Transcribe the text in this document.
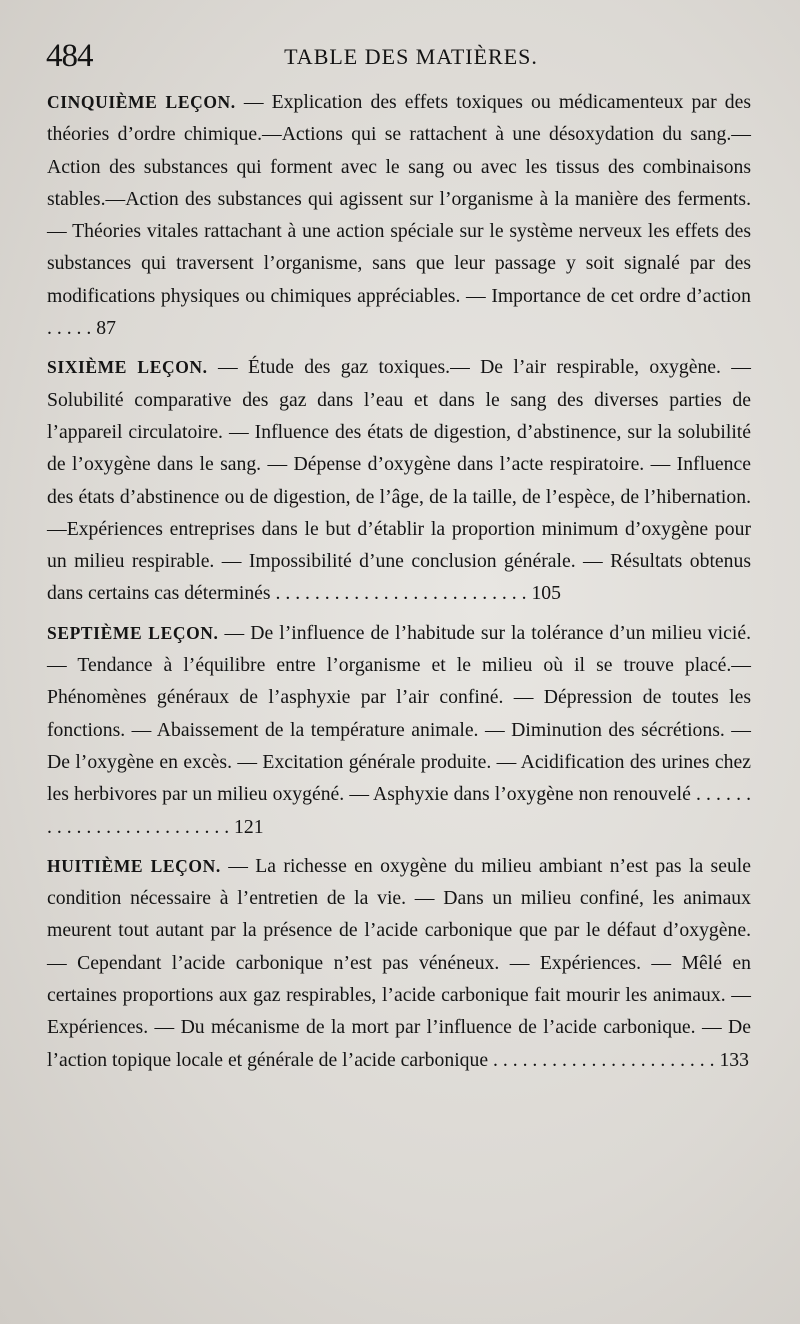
484	TABLE DES MATIÈRES.

CINQUIÈME LEÇON. — Explication des effets toxiques ou médicamenteux par des théories d’ordre chimique.—Actions qui se rattachent à une désoxydation du sang.—Action des substances qui forment avec le sang ou avec les tissus des combinaisons stables.—Action des substances qui agissent sur l’organisme à la manière des ferments. — Théories vitales rattachant à une action spéciale sur le système nerveux les effets des substances qui traversent l’organisme, sans que leur passage y soit signalé par des modifications physiques ou chimiques appréciables. — Importance de cet ordre d’action . . . . . 87

SIXIÈME LEÇON. — Étude des gaz toxiques.— De l’air respirable, oxygène. — Solubilité comparative des gaz dans l’eau et dans le sang des diverses parties de l’appareil circulatoire. — Influence des états de digestion, d’abstinence, sur la solubilité de l’oxygène dans le sang. — Dépense d’oxygène dans l’acte respiratoire. — Influence des états d’abstinence ou de digestion, de l’âge, de la taille, de l’espèce, de l’hibernation.—Expériences entreprises dans le but d’établir la proportion minimum d’oxygène pour un milieu respirable. — Impossibilité d’une conclusion générale. — Résultats obtenus dans certains cas déterminés . . . . . . . . . . . . . . . . . . . . . . . . . . 105

SEPTIÈME LEÇON. — De l’influence de l’habitude sur la tolérance d’un milieu vicié.— Tendance à l’équilibre entre l’organisme et le milieu où il se trouve placé.— Phénomènes généraux de l’asphyxie par l’air confiné. — Dépression de toutes les fonctions. — Abaissement de la température animale. — Diminution des sécrétions. — De l’oxygène en excès. — Excitation générale produite. — Acidification des urines chez les herbivores par un milieu oxygéné. — Asphyxie dans l’oxygène non renouvelé . . . . . . . . . . . . . . . . . . . . . . . . . 121

HUITIÈME LEÇON. — La richesse en oxygène du milieu ambiant n’est pas la seule condition nécessaire à l’entretien de la vie. — Dans un milieu confiné, les animaux meurent tout autant par la présence de l’acide carbonique que par le défaut d’oxygène. — Cependant l’acide carbonique n’est pas vénéneux. — Expériences. — Mêlé en certaines proportions aux gaz respirables, l’acide carbonique fait mourir les animaux. — Expériences. — Du mécanisme de la mort par l’influence de l’acide carbonique. — De l’action topique locale et générale de l’acide carbonique . . . . . . . . . . . . . . . . . . . . . . . 133
